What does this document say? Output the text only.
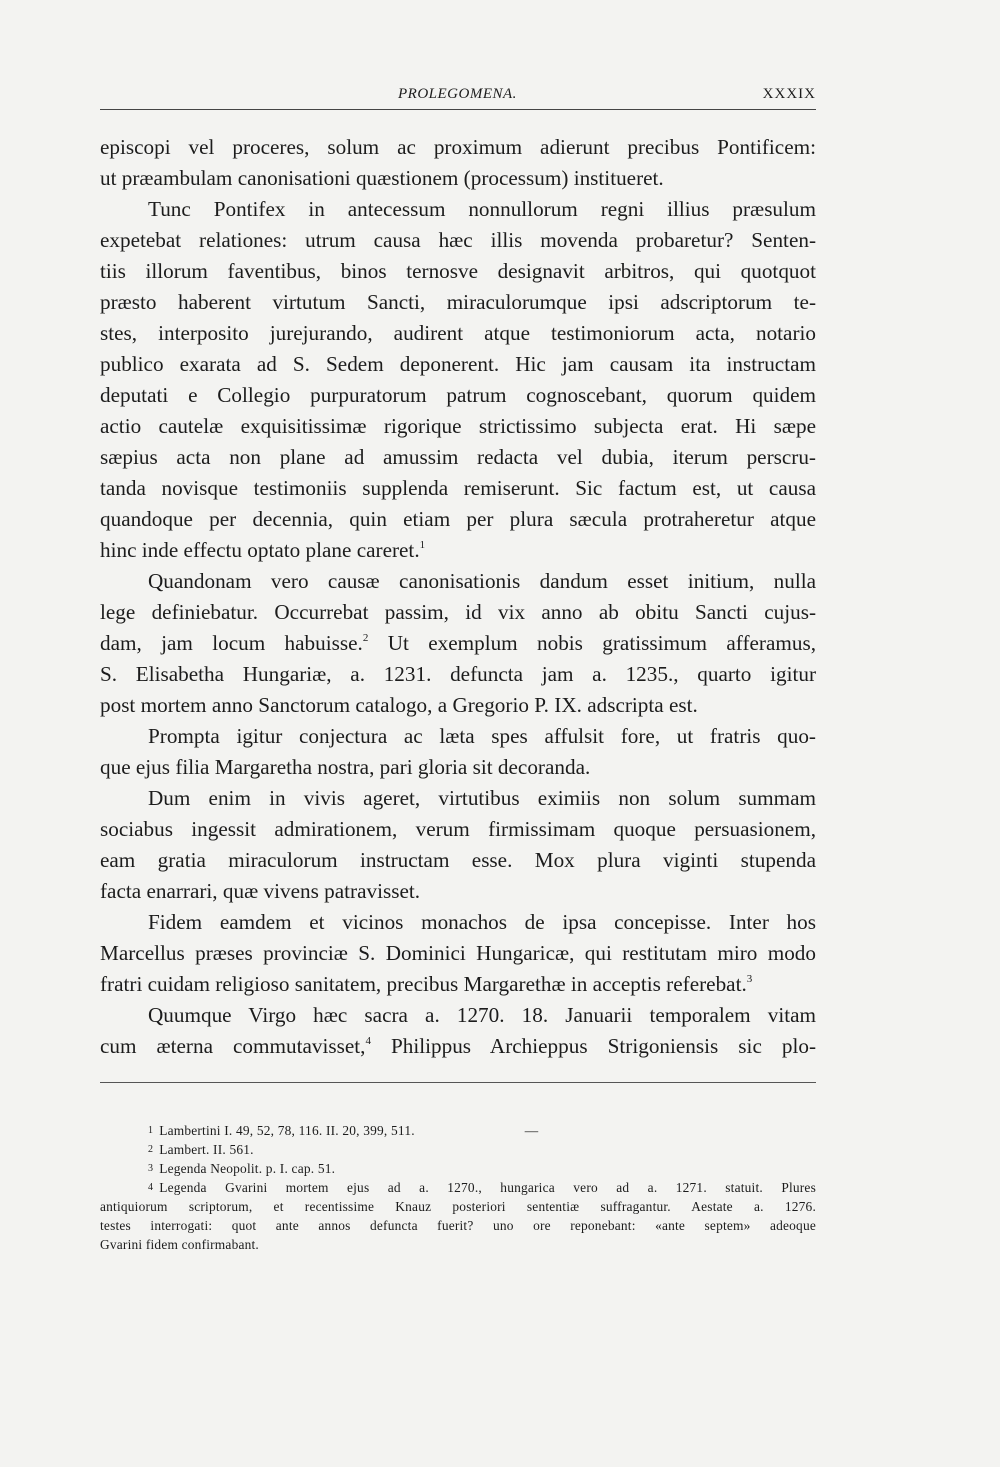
PROLEGOMENA.	XXXIX
episcopi vel proceres, solum ac proximum adierunt precibus Pontificem:
ut præambulam canonisationi quæstionem (processum) institueret.
Tunc Pontifex in antecessum nonnullorum regni illius præsulum
expetebat relationes: utrum causa hæc illis movenda probaretur? Senten-
tiis illorum faventibus, binos ternosve designavit arbitros, qui quotquot
præsto haberent virtutum Sancti, miraculorumque ipsi adscriptorum te-
stes, interposito jurejurando, audirent atque testimoniorum acta, notario
publico exarata ad S. Sedem deponerent. Hic jam causam ita instructam
deputati e Collegio purpuratorum patrum cognoscebant, quorum quidem
actio cautelæ exquisitissimæ rigorique strictissimo subjecta erat. Hi sæpe
sæpius acta non plane ad amussim redacta vel dubia, iterum perscru-
tanda novisque testimoniis supplenda remiserunt. Sic factum est, ut causa
quandoque per decennia, quin etiam per plura sæcula protraheretur atque
hinc inde effectu optato plane careret.$^1$
Quandonam vero causæ canonisationis dandum esset initium, nulla
lege definiebatur. Occurrebat passim, id vix anno ab obitu Sancti cujus-
dam, jam locum habuisse.$^2$ Ut exemplum nobis gratissimum afferamus,
S. Elisabetha Hungariæ, a. 1231. defuncta jam a. 1235., quarto igitur
post mortem anno Sanctorum catalogo, a Gregorio P. IX. adscripta est.
Prompta igitur conjectura ac læta spes affulsit fore, ut fratris quo-
que ejus filia Margaretha nostra, pari gloria sit decoranda.
Dum enim in vivis ageret, virtutibus eximiis non solum summam
sociabus ingessit admirationem, verum firmissimam quoque persuasionem,
eam gratia miraculorum instructam esse. Mox plura viginti stupenda
facta enarrari, quæ vivens patravisset.
Fidem eamdem et vicinos monachos de ipsa concepisse. Inter hos
Marcellus præses provinciæ S. Dominici Hungaricæ, qui restitutam miro modo
fratri cuidam religioso sanitatem, precibus Margarethæ in acceptis referebat.$^3$
Quumque Virgo hæc sacra a. 1270. 18. Januarii temporalem vitam
cum æterna commutavisset,$^4$ Philippus Archieppus Strigoniensis sic plo-
1 Lambertini I. 49, 52, 78, 116. II. 20, 399, 511.	—
2 Lambert. II. 561.
3 Legenda Neopolit. p. I. cap. 51.
4 Legenda Gvarini mortem ejus ad a. 1270., hungarica vero ad a. 1271. statuit. Plures
antiquiorum scriptorum, et recentissime Knauz posteriori sententiæ suffragantur. Aestate a. 1276.
testes interrogati: quot ante annos defuncta fuerit? uno ore reponebant: «ante septem» adeoque
Gvarini fidem confirmabant.
